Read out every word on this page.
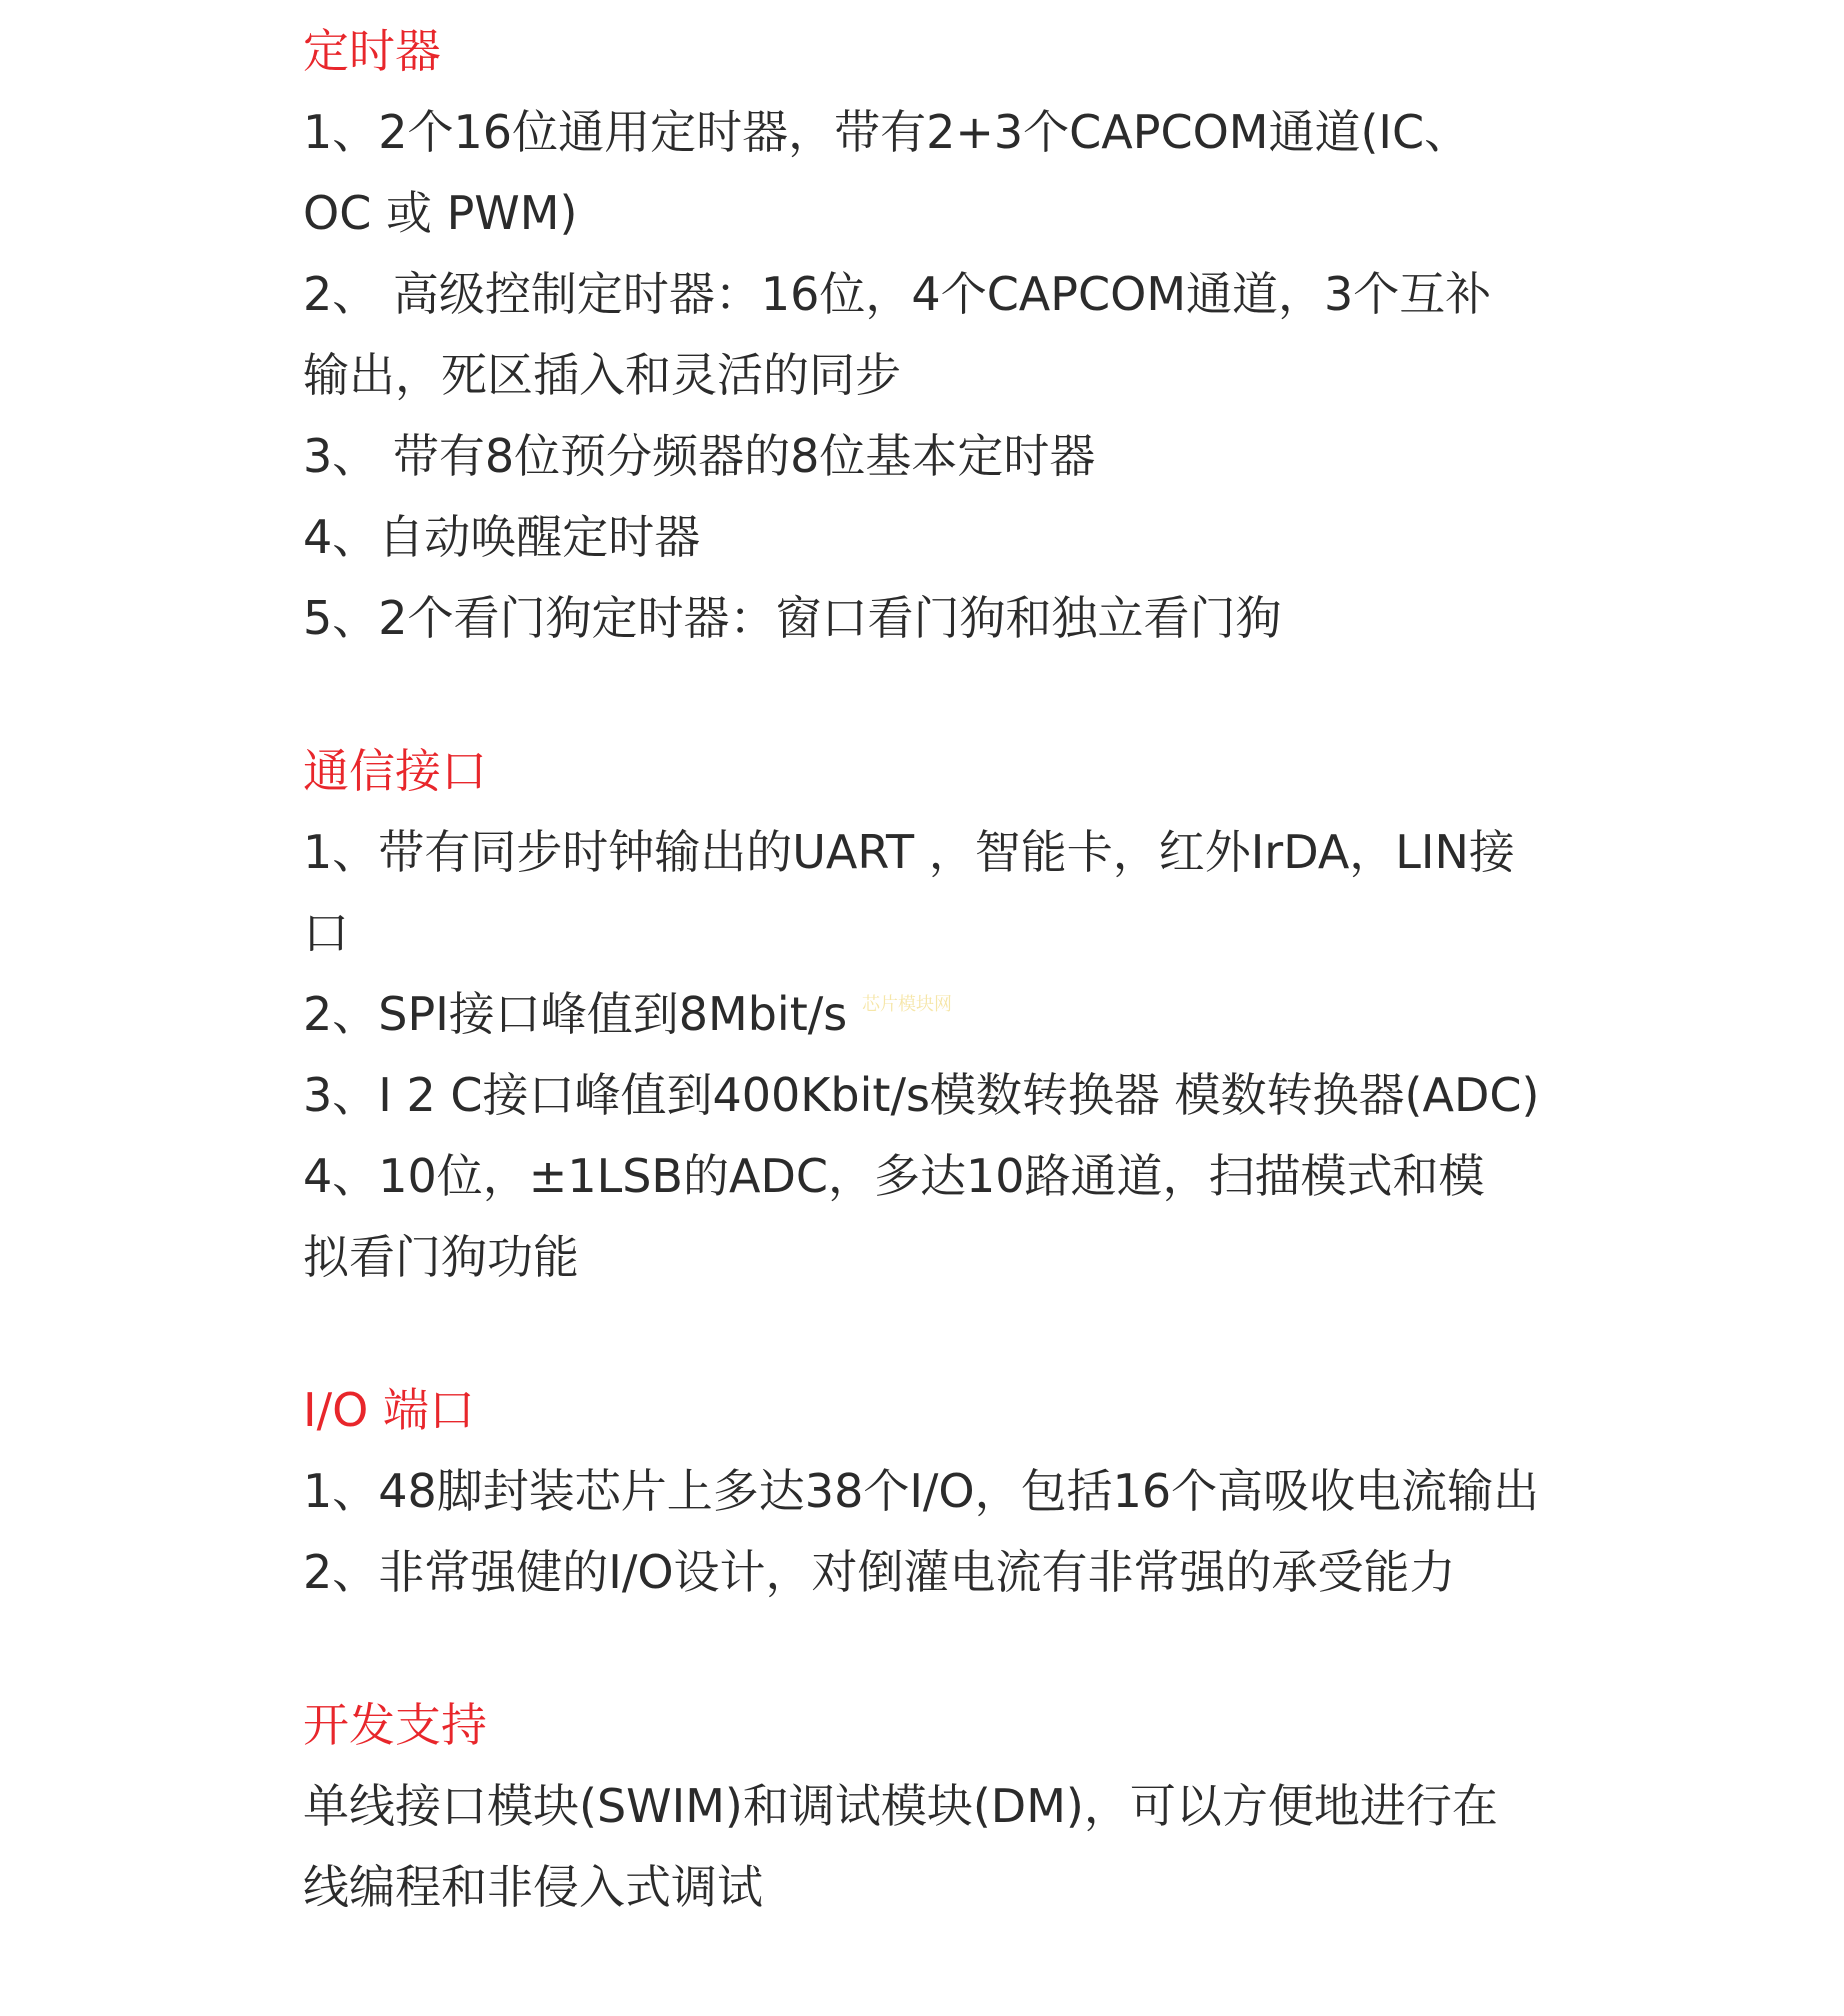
定时器
1、2个16位通用定时器，带有2+3个CAPCOM通道(IC、
OC 或 PWM)
2、 高级控制定时器：16位，4个CAPCOM通道，3个互补
输出，死区插入和灵活的同步
3、 带有8位预分频器的8位基本定时器
4、自动唤醒定时器
5、2个看门狗定时器：窗口看门狗和独立看门狗
通信接口
1、带有同步时钟输出的UART ，智能卡，红外IrDA，LIN接
口
2、SPI接口峰值到8Mbit/s
3、I 2 C接口峰值到400Kbit/s模数转换器 模数转换器(ADC)
4、10位，±1LSB的ADC，多达10路通道，扫描模式和模
拟看门狗功能
I/O 端口
1、48脚封装芯片上多达38个I/O，包括16个高吸收电流输出
2、非常强健的I/O设计，对倒灌电流有非常强的承受能力
开发支持
单线接口模块(SWIM)和调试模块(DM)，可以方便地进行在
线编程和非侵入式调试
芯片模块网
